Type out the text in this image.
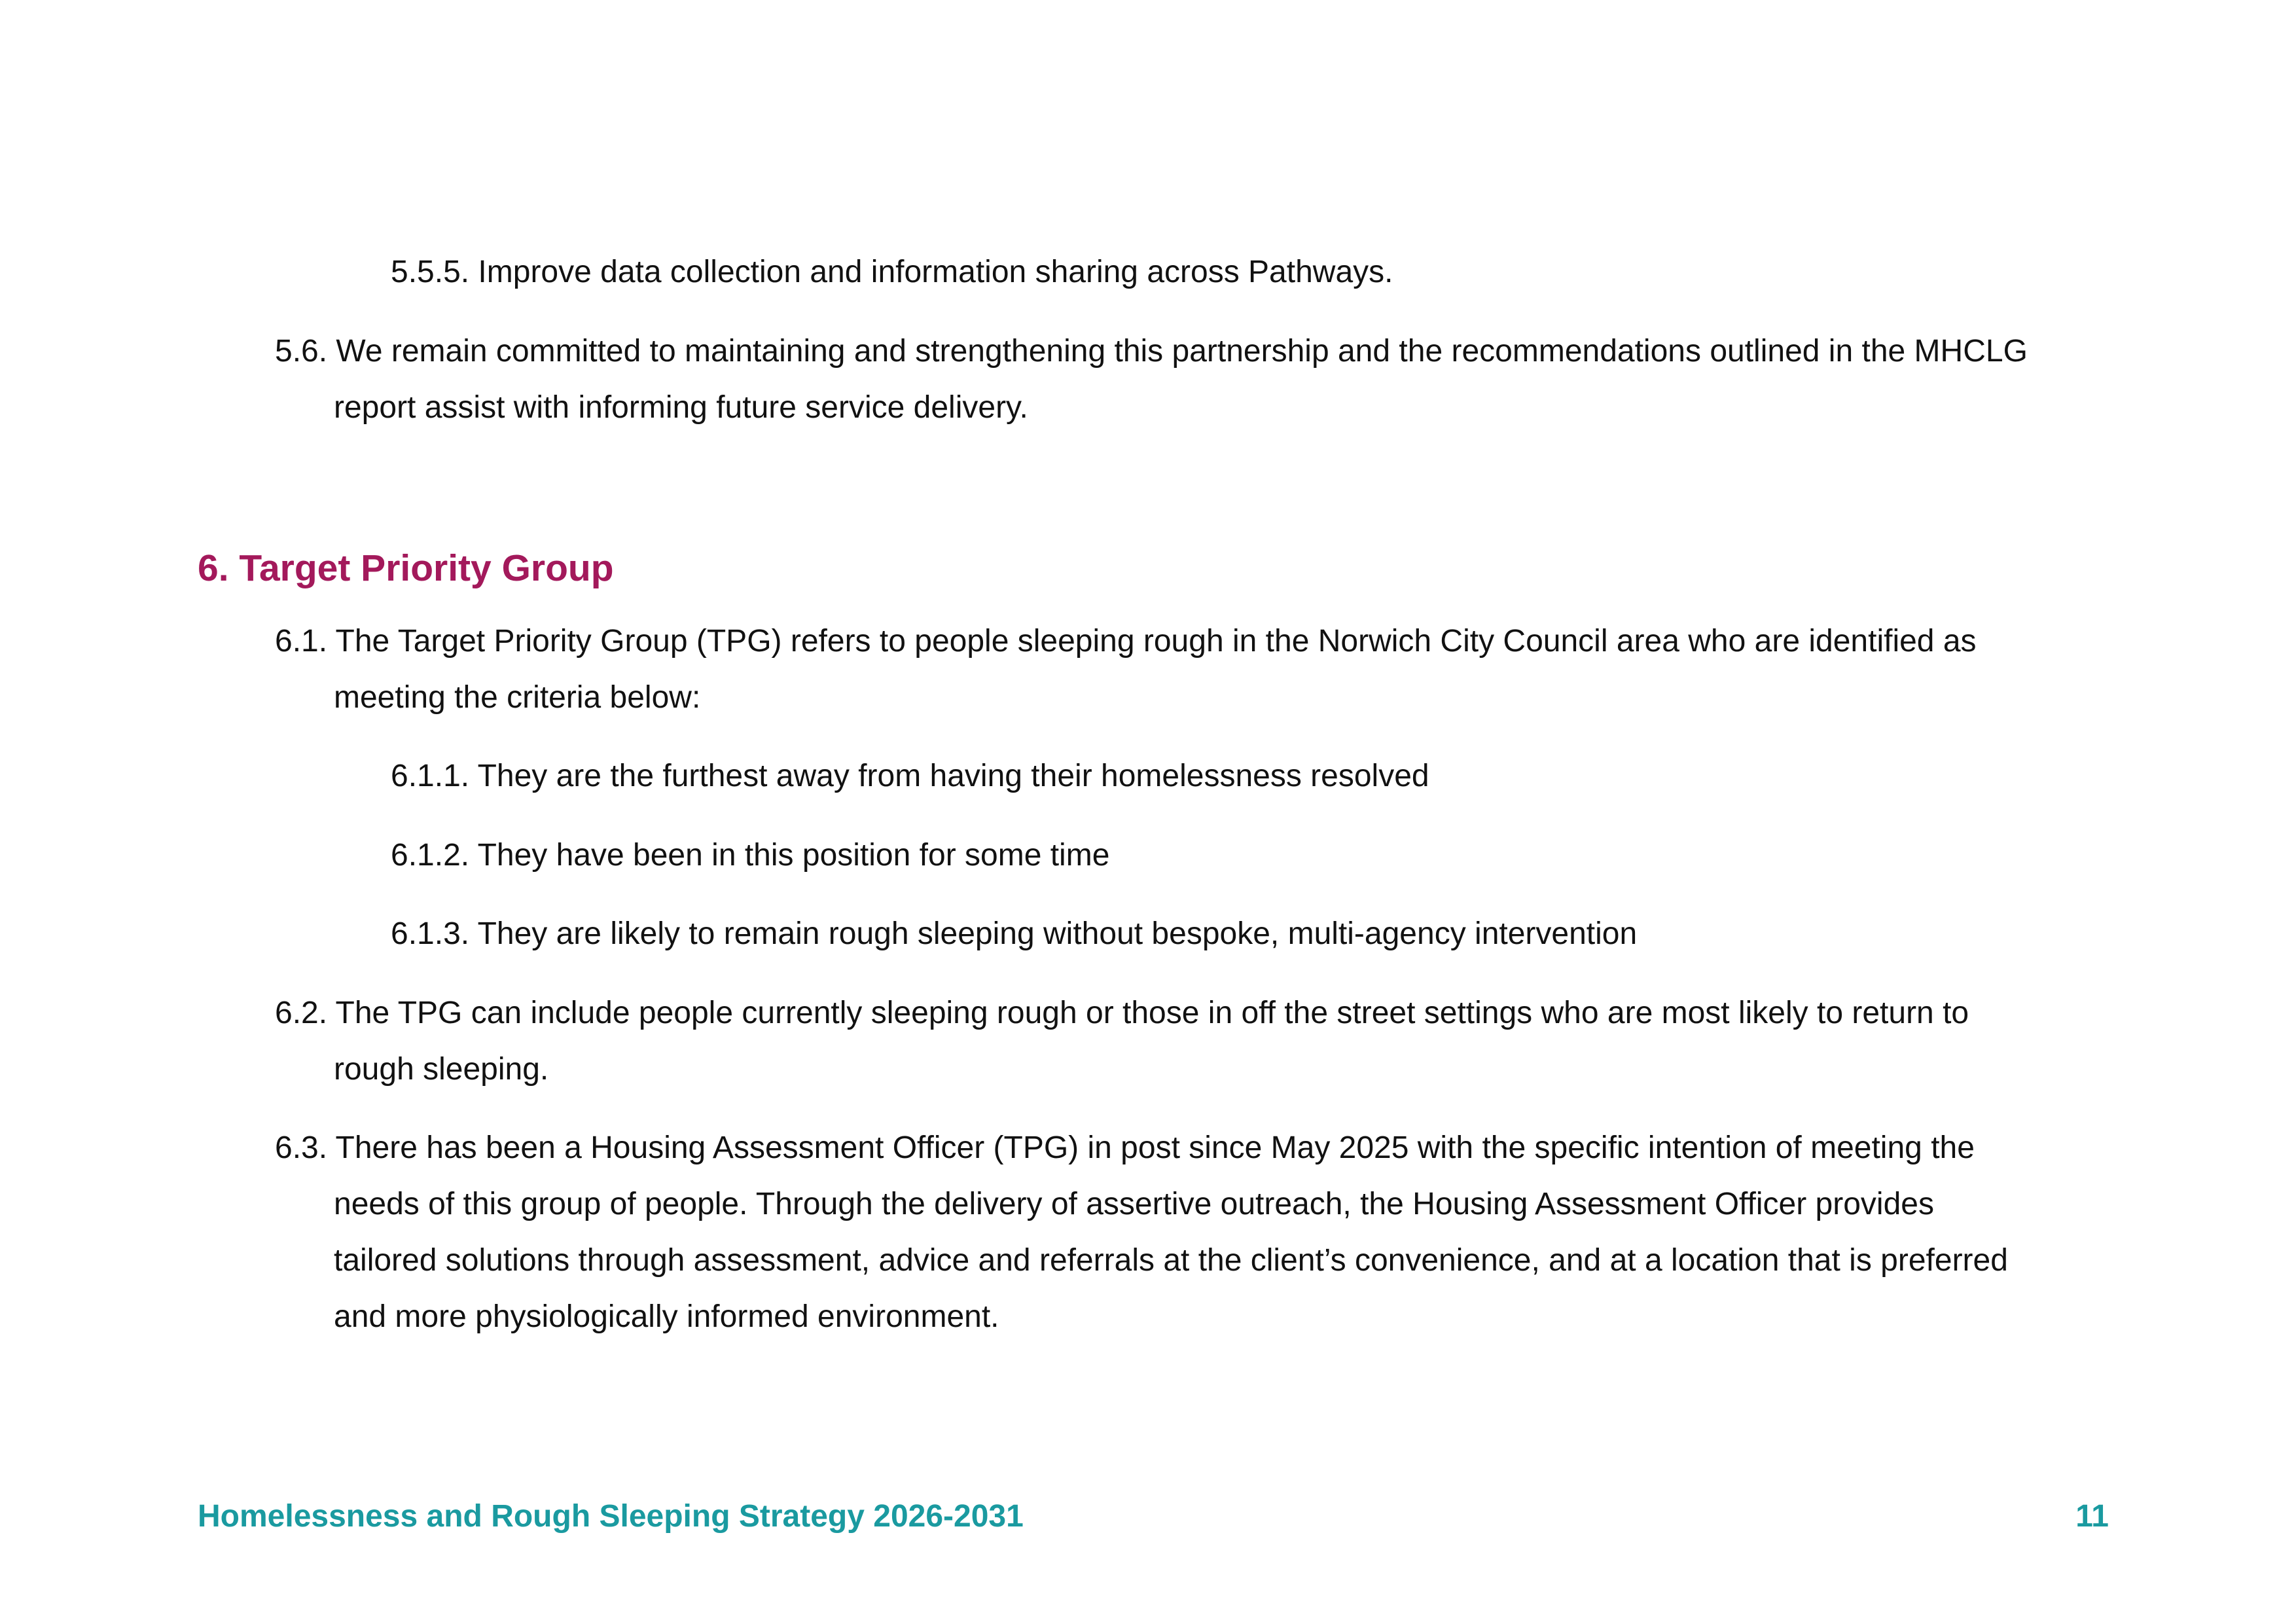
5.5.5. Improve data collection and information sharing across Pathways.
5.6. We remain committed to maintaining and strengthening this partnership and the recommendations outlined in the MHCLG
report assist with informing future service delivery.
6. Target Priority Group
6.1. The Target Priority Group (TPG) refers to people sleeping rough in the Norwich City Council area who are identified as
meeting the criteria below:
6.1.1. They are the furthest away from having their homelessness resolved
6.1.2. They have been in this position for some time
6.1.3. They are likely to remain rough sleeping without bespoke, multi-agency intervention
6.2. The TPG can include people currently sleeping rough or those in off the street settings who are most likely to return to
rough sleeping.
6.3. There has been a Housing Assessment Officer (TPG) in post since May 2025 with the specific intention of meeting the
needs of this group of people. Through the delivery of assertive outreach, the Housing Assessment Officer provides
tailored solutions through assessment, advice and referrals at the client’s convenience, and at a location that is preferred
and more physiologically informed environment.
Homelessness and Rough Sleeping Strategy 2026-2031	11
